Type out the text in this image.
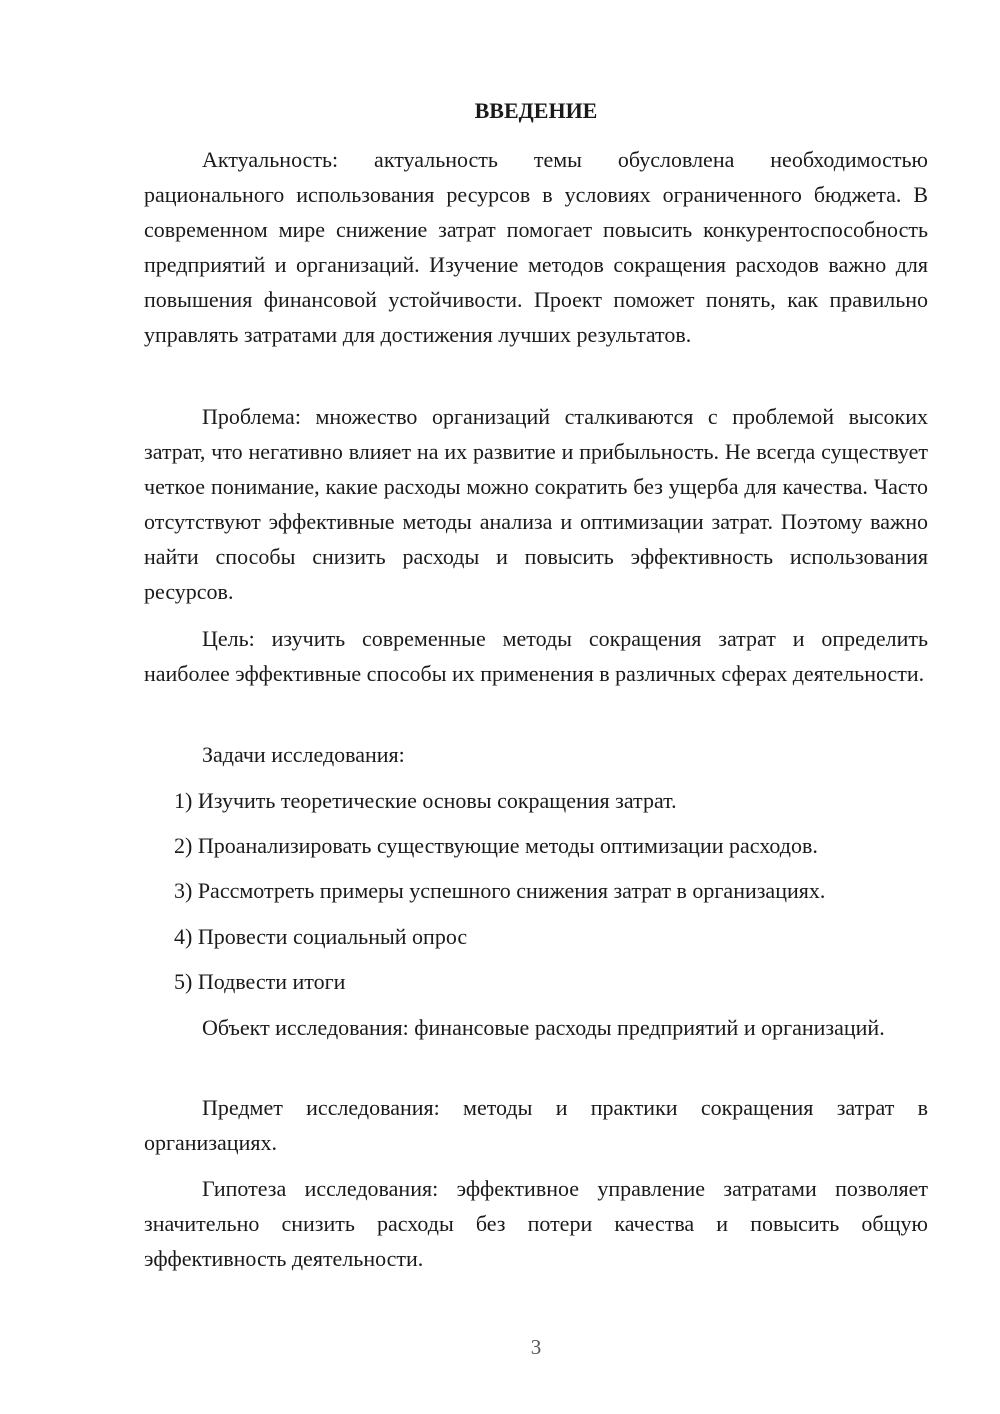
ВВЕДЕНИЕ

Актуальность: актуальность темы обусловлена необходимостью рационального использования ресурсов в условиях ограниченного бюджета. В современном мире снижение затрат помогает повысить конкурентоспособность предприятий и организаций. Изучение методов сокращения расходов важно для повышения финансовой устойчивости. Проект поможет понять, как правильно управлять затратами для достижения лучших результатов.

Проблема: множество организаций сталкиваются с проблемой высоких затрат, что негативно влияет на их развитие и прибыльность. Не всегда существует четкое понимание, какие расходы можно сократить без ущерба для качества. Часто отсутствуют эффективные методы анализа и оптимизации затрат. Поэтому важно найти способы снизить расходы и повысить эффективность использования ресурсов.

Цель: изучить современные методы сокращения затрат и определить наиболее эффективные способы их применения в различных сферах деятельности.

Задачи исследования:
1) Изучить теоретические основы сокращения затрат.
2) Проанализировать существующие методы оптимизации расходов.
3) Рассмотреть примеры успешного снижения затрат в организациях.
4) Провести социальный опрос
5) Подвести итоги

Объект исследования: финансовые расходы предприятий и организаций.

Предмет исследования: методы и практики сокращения затрат в организациях.

Гипотеза исследования: эффективное управление затратами позволяет значительно снизить расходы без потери качества и повысить общую эффективность деятельности.

3
